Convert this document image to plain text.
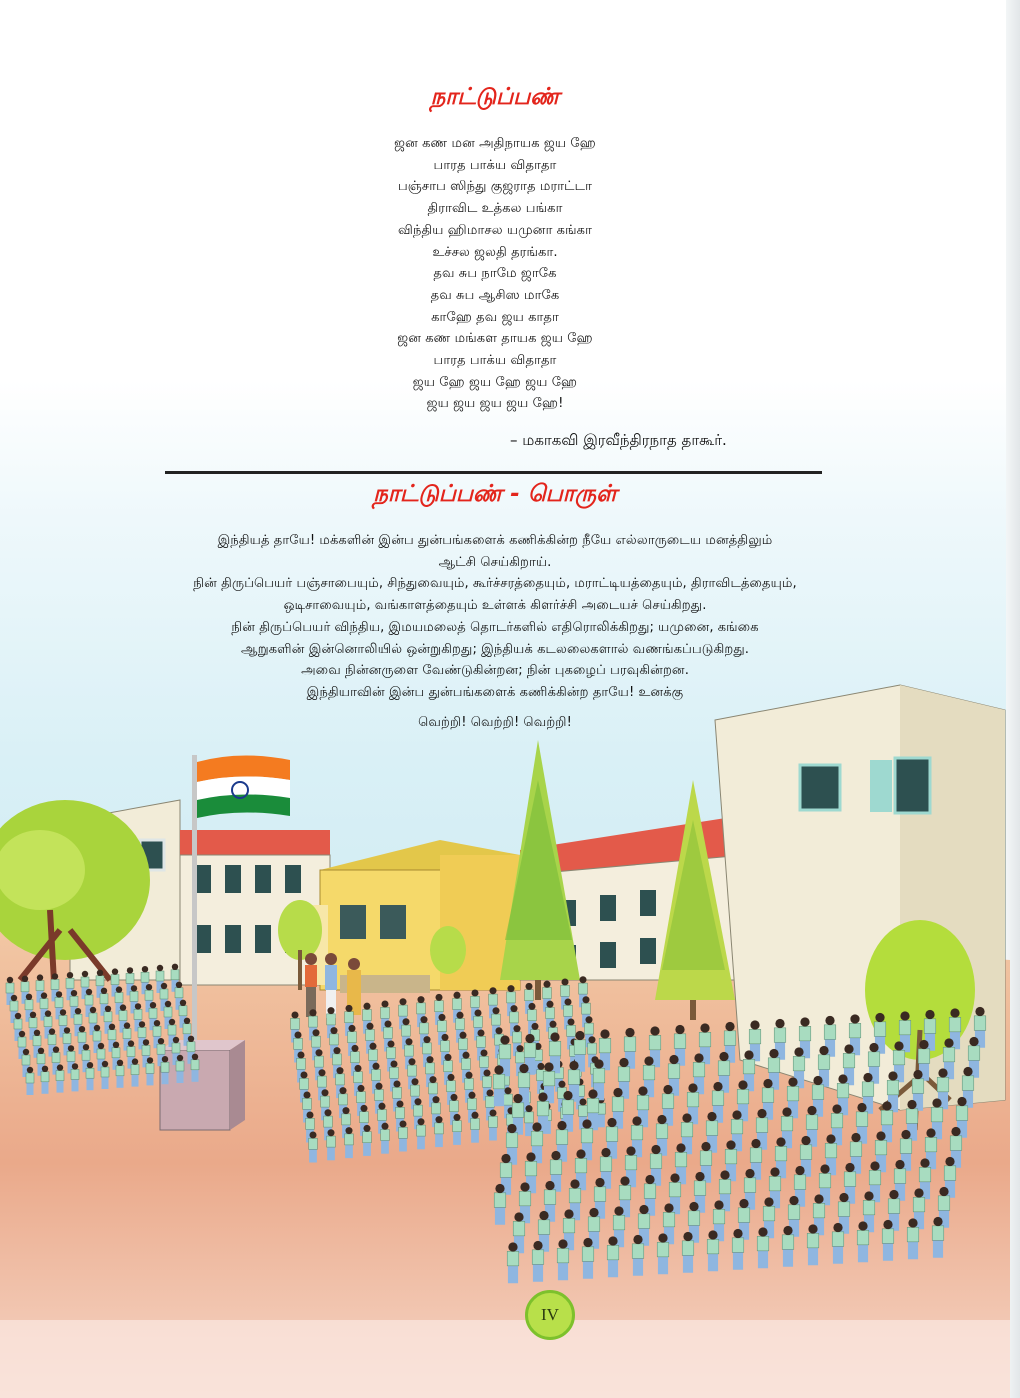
நாட்டுப்பண்
ஜன கண மன அதிநாயக ஜய ஹே
பாரத பாக்ய விதாதா
பஞ்சாப ஸிந்து குஜராத மராட்டா
திராவிட உத்கல பங்கா
விந்திய ஹிமாசல யமுனா கங்கா
உச்சல ஜலதி தரங்கா.
தவ சுப நாமே ஜாகே
தவ சுப ஆசிஸ மாகே
காஹே தவ ஜய காதா
ஜன கண மங்கள தாயக ஜய ஹே
பாரத பாக்ய விதாதா
ஜய ஹே ஜய ஹே ஜய ஹே
ஜய ஜய ஜய ஜய ஹே!
– மகாகவி இரவீந்திரநாத தாகூர்.
நாட்டுப்பண் - பொருள்
இந்தியத் தாயே! மக்களின் இன்ப துன்பங்களைக் கணிக்கின்ற நீயே எல்லாருடைய மனத்திலும்
ஆட்சி செய்கிறாய்.
நின் திருப்பெயர் பஞ்சாபையும், சிந்துவையும், கூர்ச்சரத்தையும், மராட்டியத்தையும், திராவிடத்தையும்,
ஒடிசாவையும், வங்காளத்தையும் உள்ளக் கிளர்ச்சி அடையச் செய்கிறது.
நின் திருப்பெயர் விந்திய, இமயமலைத் தொடர்களில் எதிரொலிக்கிறது; யமுனை, கங்கை
ஆறுகளின் இன்னொலியில் ஒன்றுகிறது; இந்தியக் கடலலைகளால் வணங்கப்படுகிறது.
அவை நின்னருளை வேண்டுகின்றன; நின் புகழைப் பரவுகின்றன.
இந்தியாவின் இன்ப துன்பங்களைக் கணிக்கின்ற தாயே! உனக்கு
வெற்றி! வெற்றி! வெற்றி!
IV
